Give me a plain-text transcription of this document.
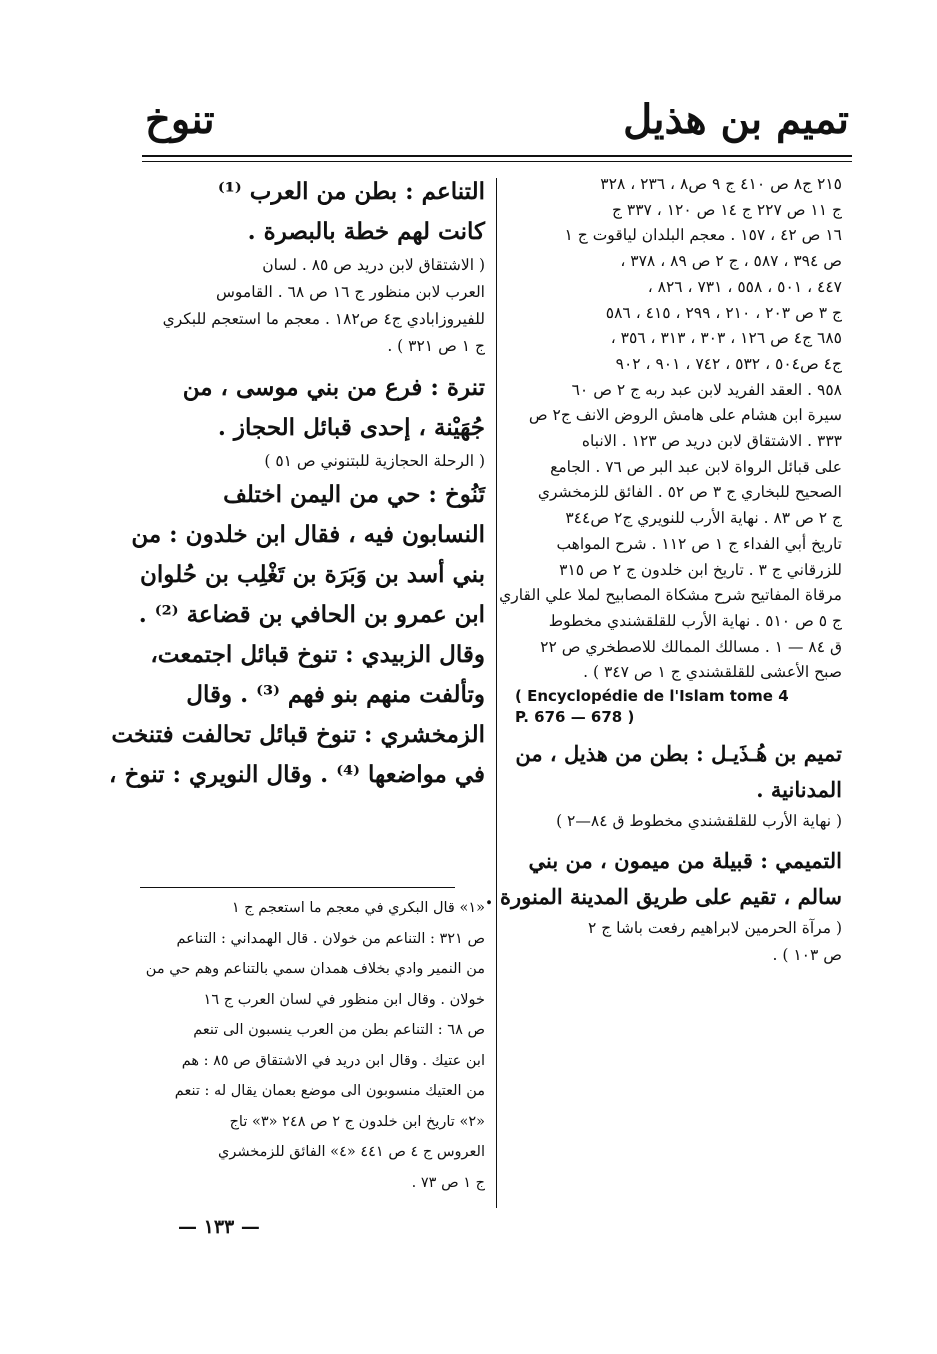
تميم بن هذيل
تنوخ
٢١٥ ج٨ ص ٤١٠ ج ٩ ص٨ ، ٢٣٦ ، ٣٢٨
ج ١١ ص ٢٢٧ ج ١٤ ص ١٢٠ ، ٣٣٧ ج
١٦ ص ٤٢ ، ١٥٧ . معجم البلدان لياقوت ج ١
ص ٣٩٤ ، ٥٨٧ ، ج ٢ ص ٨٩ ، ٣٧٨ ،
٤٤٧ ، ٥٠١ ، ٥٥٨ ، ٧٣١ ، ٨٢٦ ،
ج ٣ ص ٢٠٣ ، ٢١٠ ، ٢٩٩ ، ٤١٥ ، ٥٨٦
٦٨٥ ج٤ ص ١٢٦ ، ٣٠٣ ، ٣١٣ ، ٣٥٦ ،
ج٤ ص٥٠٤ ، ٥٣٢ ، ٧٤٢ ، ٩٠١ ، ٩٠٢
٩٥٨ . العقد الفريد لابن عبد ربه ج ٢ ص ٦٠
سيرة ابن هشام على هامش الروض الانف ج٢ ص
٣٣٣ . الاشتقاق لابن دريد ص ١٢٣ . الانباه
على قبائل الرواة لابن عبد البر ص ٧٦ . الجامع
الصحيح للبخاري ج ٣ ص ٥٢ . الفائق للزمخشري
ج ٢ ص ٨٣ . نهاية الأرب للنويري ج٢ ص٣٤٤
تاريخ أبي الفداء ج ١ ص ١١٢ . شرح المواهب
للزرقاني ج ٣ . تاريخ ابن خلدون ج ٢ ص ٣١٥
مرقاة المفاتيح شرح مشكاة المصابيح لملا علي القاري
ج ٥ ص ٥١٠ . نهاية الأرب للقلقشندي مخطوط
ق ٨٤ — ١ . مسالك الممالك للاصطخري ص ٢٢
صبح الأعشى للقلقشندي ج ١ ص ٣٤٧ ) .
( Encyclopédie de l'Islam tome 4
P. 676 — 678 )
تميم بن هُـذَيـل : بطن من هذيل ، من
المدنانية .
( نهاية الأرب للقلقشندي مخطوط ق ٨٤—٢ )
التميمي : قبيلة من ميمون ، من بني
سالم ، تقيم على طريق المدينة المنورة .
( مرآة الحرمين لابراهيم رفعت باشا ج ٢
ص ١٠٣ ) .
التناعم : بطن من العرب ⁽¹⁾
كانت لهم خطة بالبصرة .
( الاشتقاق لابن دريد ص ٨٥ . لسان
العرب لابن منظور ج ١٦ ص ٦٨ . القاموس
للفيروزابادي ج٤ ص١٨٢ . معجم ما استعجم للبكري
ج ١ ص ٣٢١ ) .
تنرة : فرع من بني موسى ، من
جُهَيْنة ، إحدى قبائل الحجاز .
( الرحلة الحجازية للبتنوني ص ٥١ )
تَنُوخ : حي من اليمن اختلف
النسابون فيه ، فقال ابن خلدون : من
بني أسد بن وَبَرَة بن تَغْلِب بن حُلوان
ابن عمرو بن الحافي بن قضاعة ⁽²⁾ .
وقال الزبيدي : تنوخ قبائل اجتمعت،
وتألفت منهم بنو فهم ⁽³⁾ . وقال
الزمخشري : تنوخ قبائل تحالفت فتنخت
في مواضعها ⁽⁴⁾ . وقال النويري : تنوخ ،
«١» قال البكري في معجم ما استعجم ج ١
ص ٣٢١ : التناعم من خولان . قال الهمداني : التناعم
من النمير وادي بخلاف همدان سمي بالتناعم وهم حي من
خولان . وقال ابن منظور في لسان العرب ج ١٦
ص ٦٨ : التناعم بطن من العرب ينسبون الى تنعم
ابن عتيك . وقال ابن دريد في الاشتقاق ص ٨٥ : هم
من العتيك منسوبون الى موضع بعمان يقال له : تنعم
«٢» تاريخ ابن خلدون ج ٢ ص ٢٤٨ «٣» تاج
العروس ج ٤ ص ٤٤١ «٤» الفائق للزمخشري
ج ١ ص ٧٣ .
— ١٣٣ —
